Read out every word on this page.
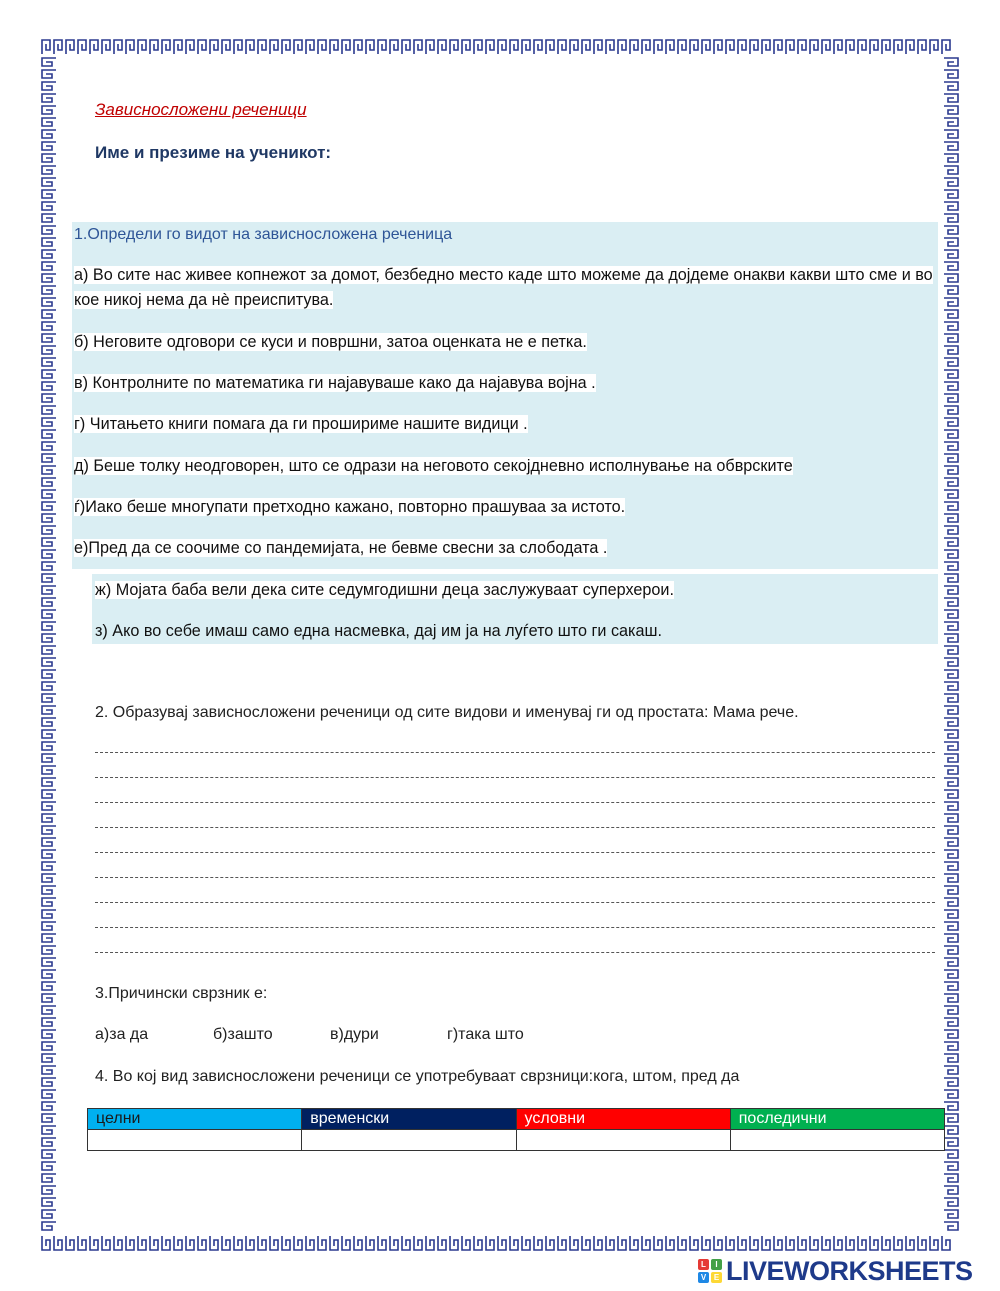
Зависносложени реченици
Име и презиме на ученикот:
1.Определи го видот на зависносложена реченица
а) Во сите нас живее копнежот за домот, безбедно место каде што можеме да дојдеме онакви какви што сме и во кое никој нема да нè преиспитува.
б) Неговите одговори се куси и површни, затоа оценката не е петка.
в) Контролните по математика ги најавуваше како да најавува војна .
г) Читањето книги помага да ги прошириме нашите видици .
д) Беше толку неодговорен, што се одрази на неговото секојдневно исполнување на обврските
ѓ)Иако беше многупати претходно кажано, повторно прашуваа за истото.
е)Пред да се соочиме со пандемијата, не бевме свесни за слободата .
ж) Мојата баба вели дека сите седумгодишни деца заслужуваат суперхерои.
з) Ако во себе имаш само една насмевка, дај им ја на луѓето што ги сакаш.
2. Образувај зависносложени реченици од сите видови и именувај ги од простата: Мама рече.
3.Причински сврзник е:
а)за да	б)зашто	в)дури	г)така што
4. Во кој вид зависносложени реченици се употребуваат сврзници:кога, штом, пред да
целни	временски	условни	последични

L	I
V E LIVEWORKSHEETS
